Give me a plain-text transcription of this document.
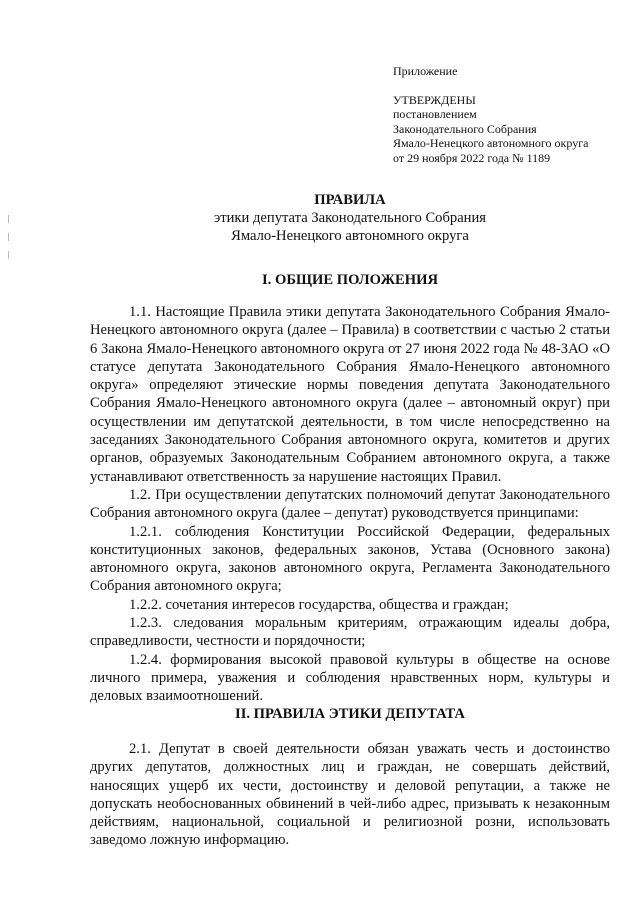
Приложение
УТВЕРЖДЕНЫ
постановлением
Законодательного Собрания
Ямало-Ненецкого автономного округа
от 29 ноября 2022 года № 1189
ПРАВИЛА
этики депутата Законодательного Собрания
Ямало-Ненецкого автономного округа
I. ОБЩИЕ ПОЛОЖЕНИЯ

1.1. Настоящие Правила этики депутата Законодательного Собрания Ямало-Ненецкого автономного округа (далее – Правила) в соответствии с частью 2 статьи 6 Закона Ямало-Ненецкого автономного округа от 27 июня 2022 года № 48-ЗАО «О статусе депутата Законодательного Собрания Ямало-Ненецкого автономного округа» определяют этические нормы поведения депутата Законодательного Собрания Ямало-Ненецкого автономного округа (далее – автономный округ) при осуществлении им депутатской деятельности, в том числе непосредственно на заседаниях Законодательного Собрания автономного округа, комитетов и других органов, образуемых Законодательным Собранием автономного округа, а также устанавливают ответственность за нарушение настоящих Правил.

1.2. При осуществлении депутатских полномочий депутат Законодательного Собрания автономного округа (далее – депутат) руководствуется принципами:

1.2.1. соблюдения Конституции Российской Федерации, федеральных конституционных законов, федеральных законов, Устава (Основного закона) автономного округа, законов автономного округа, Регламента Законодательного Собрания автономного округа;

1.2.2. сочетания интересов государства, общества и граждан;

1.2.3. следования моральным критериям, отражающим идеалы добра, справедливости, честности и порядочности;

1.2.4. формирования высокой правовой культуры в обществе на основе личного примера, уважения и соблюдения нравственных норм, культуры и деловых взаимоотношений.

II. ПРАВИЛА ЭТИКИ ДЕПУТАТА

2.1. Депутат в своей деятельности обязан уважать честь и достоинство других депутатов, должностных лиц и граждан, не совершать действий, наносящих ущерб их чести, достоинству и деловой репутации, а также не допускать необоснованных обвинений в чей-либо адрес, призывать к незаконным действиям, национальной, социальной и религиозной розни, использовать заведомо ложную информацию.
